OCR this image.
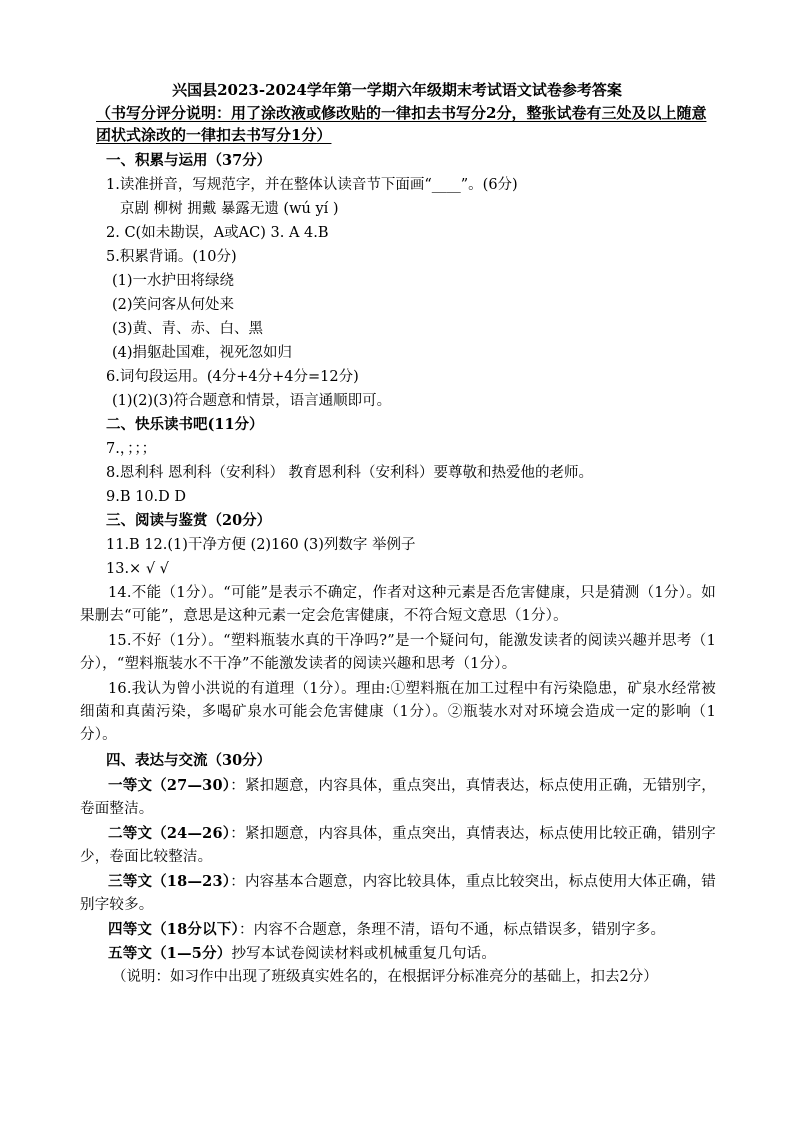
兴国县2023-2024学年第一学期六年级期末考试语文试卷参考答案
（书写分评分说明：用了涂改液或修改贴的一律扣去书写分2分，整张试卷有三处及以上随意团状式涂改的一律扣去书写分1分）
一、积累与运用（37分）
1.读准拼音，写规范字，并在整体认读音节下面画“____”。(6分)
京剧 柳树 拥戴 暴露无遗 (wú yí )
2. C(如未勘误，A或AC) 3. A 4.B
5.积累背诵。(10分)
(1)一水护田将绿绕
(2)笑问客从何处来
(3)黄、青、赤、白、黑
(4)捐躯赴国难，视死忽如归
6.词句段运用。(4分+4分+4分=12分)
(1)(2)(3)符合题意和情景，语言通顺即可。
二、快乐读书吧(11分）
7.，；；；
8.恩利科 恩利科（安利科） 教育恩利科（安利科）要尊敬和热爱他的老师。
9.B 10.D D
三、阅读与鉴赏（20分）
11.B 12.(1)干净方便 (2)160 (3)列数字 举例子
13.× √ √
14.不能（1分）。“可能”是表示不确定，作者对这种元素是否危害健康，只是猜测（1分）。如果删去“可能”，意思是这种元素一定会危害健康，不符合短文意思（1分）。
15.不好（1分）。“塑料瓶装水真的干净吗?”是一个疑问句，能激发读者的阅读兴趣并思考（1分），“塑料瓶装水不干净”不能激发读者的阅读兴趣和思考（1分）。
16.我认为曾小洪说的有道理（1分）。理由:①塑料瓶在加工过程中有污染隐患，矿泉水经常被细菌和真菌污染，多喝矿泉水可能会危害健康（1分）。②瓶装水对对环境会造成一定的影响（1分）。
四、表达与交流（30分）
一等文（27—30）：紧扣题意，内容具体，重点突出，真情表达，标点使用正确，无错别字，卷面整洁。
二等文（24—26）：紧扣题意，内容具体，重点突出，真情表达，标点使用比较正确，错别字少，卷面比较整洁。
三等文（18—23）：内容基本合题意，内容比较具体，重点比较突出，标点使用大体正确，错别字较多。
四等文（18分以下）：内容不合题意，条理不清，语句不通，标点错误多，错别字多。
五等文（1—5分）抄写本试卷阅读材料或机械重复几句话。
（说明：如习作中出现了班级真实姓名的，在根据评分标准亮分的基础上，扣去2分）
